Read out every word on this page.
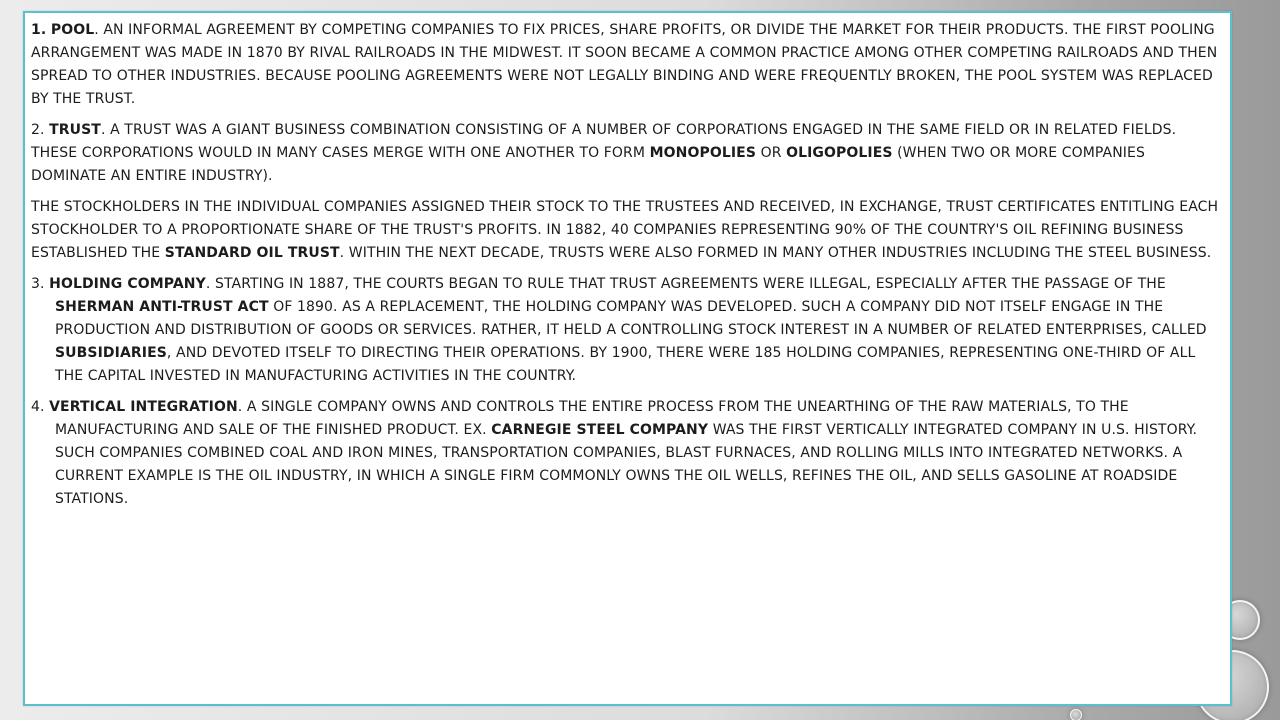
1. POOL. AN INFORMAL AGREEMENT BY COMPETING COMPANIES TO FIX PRICES, SHARE PROFITS, OR DIVIDE THE MARKET FOR THEIR PRODUCTS. THE FIRST POOLING ARRANGEMENT WAS MADE IN 1870 BY RIVAL RAILROADS IN THE MIDWEST. IT SOON BECAME A COMMON PRACTICE AMONG OTHER COMPETING RAILROADS AND THEN SPREAD TO OTHER INDUSTRIES. BECAUSE POOLING AGREEMENTS WERE NOT LEGALLY BINDING AND WERE FREQUENTLY BROKEN, THE POOL SYSTEM WAS REPLACED BY THE TRUST.

2. TRUST. A TRUST WAS A GIANT BUSINESS COMBINATION CONSISTING OF A NUMBER OF CORPORATIONS ENGAGED IN THE SAME FIELD OR IN RELATED FIELDS. THESE CORPORATIONS WOULD IN MANY CASES MERGE WITH ONE ANOTHER TO FORM MONOPOLIES OR OLIGOPOLIES (WHEN TWO OR MORE COMPANIES DOMINATE AN ENTIRE INDUSTRY).

THE STOCKHOLDERS IN THE INDIVIDUAL COMPANIES ASSIGNED THEIR STOCK TO THE TRUSTEES AND RECEIVED, IN EXCHANGE, TRUST CERTIFICATES ENTITLING EACH STOCKHOLDER TO A PROPORTIONATE SHARE OF THE TRUST'S PROFITS. IN 1882, 40 COMPANIES REPRESENTING 90% OF THE COUNTRY'S OIL REFINING BUSINESS ESTABLISHED THE STANDARD OIL TRUST. WITHIN THE NEXT DECADE, TRUSTS WERE ALSO FORMED IN MANY OTHER INDUSTRIES INCLUDING THE STEEL BUSINESS.

3. HOLDING COMPANY. STARTING IN 1887, THE COURTS BEGAN TO RULE THAT TRUST AGREEMENTS WERE ILLEGAL, ESPECIALLY AFTER THE PASSAGE OF THE SHERMAN ANTI-TRUST ACT OF 1890. AS A REPLACEMENT, THE HOLDING COMPANY WAS DEVELOPED. SUCH A COMPANY DID NOT ITSELF ENGAGE IN THE PRODUCTION AND DISTRIBUTION OF GOODS OR SERVICES. RATHER, IT HELD A CONTROLLING STOCK INTEREST IN A NUMBER OF RELATED ENTERPRISES, CALLED SUBSIDIARIES, AND DEVOTED ITSELF TO DIRECTING THEIR OPERATIONS. BY 1900, THERE WERE 185 HOLDING COMPANIES, REPRESENTING ONE-THIRD OF ALL THE CAPITAL INVESTED IN MANUFACTURING ACTIVITIES IN THE COUNTRY.

4. VERTICAL INTEGRATION. A SINGLE COMPANY OWNS AND CONTROLS THE ENTIRE PROCESS FROM THE UNEARTHING OF THE RAW MATERIALS, TO THE MANUFACTURING AND SALE OF THE FINISHED PRODUCT. EX. CARNEGIE STEEL COMPANY WAS THE FIRST VERTICALLY INTEGRATED COMPANY IN U.S. HISTORY. SUCH COMPANIES COMBINED COAL AND IRON MINES, TRANSPORTATION COMPANIES, BLAST FURNACES, AND ROLLING MILLS INTO INTEGRATED NETWORKS. A CURRENT EXAMPLE IS THE OIL INDUSTRY, IN WHICH A SINGLE FIRM COMMONLY OWNS THE OIL WELLS, REFINES THE OIL, AND SELLS GASOLINE AT ROADSIDE STATIONS.
